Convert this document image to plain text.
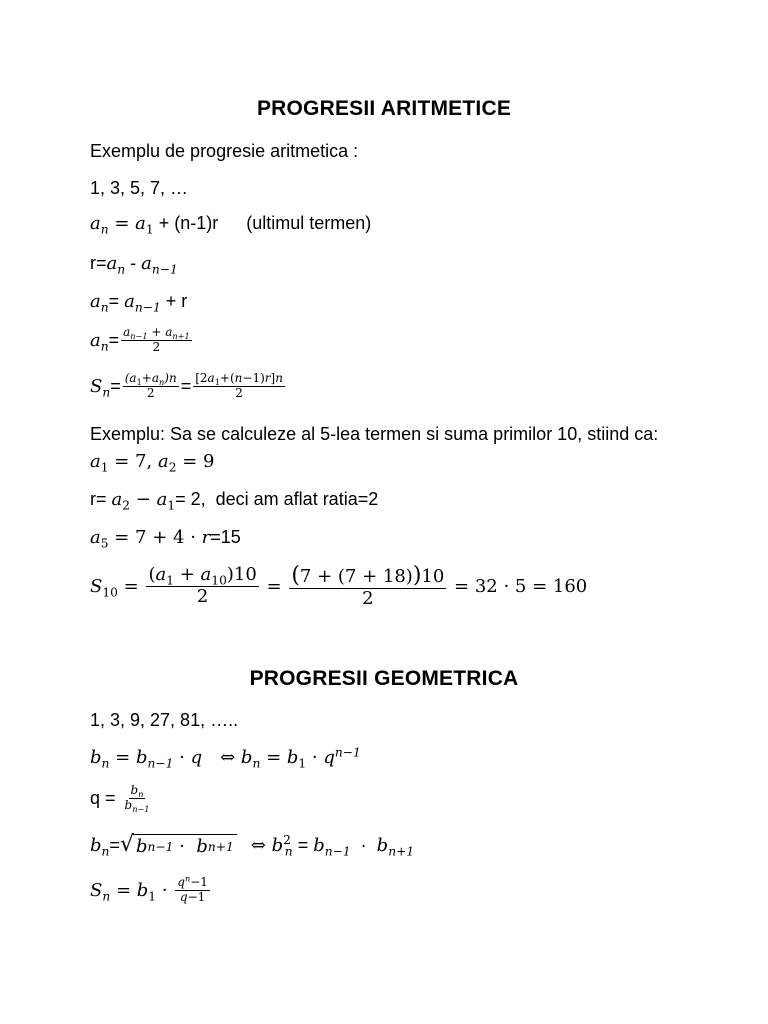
PROGRESII ARITMETICE
Exemplu de progresie aritmetica :
1, 3, 5, 7, …
$a_n = a_1 + (n-1)r$ (ultimul termen)
$r= a_n - a_{n-1}$
$a_n = a_{n-1} + r$
$a_n = \frac{a_{n-1} + a_{n+1}}{2}$
$S_n = \frac{(a_1+a_n)n}{2} = \frac{[2a_1+(n-1)r]n}{2}$
Exemplu: Sa se calculeze al 5-lea termen si suma primilor 10, stiind ca:
$a_1 = 7$, $a_2 = 9$
$r= a_2 - a_1 = 2$, deci am aflat ratia=2
$a_5 = 7 + 4 \cdot r = 15$
$S_{10} = \frac{(a_1 + a_{10})10}{2} = \frac{(7 + (7 + 18))10}{2} = 32 \cdot 5 = 160$
PROGRESII GEOMETRICA
1, 3, 9, 27, 81, …..
$b_n = b_{n-1} \cdot q$ ⇔ $b_n = b_1 \cdot q^{n-1}$
$q = \frac{b_n}{b_{n-1}}$
$b_n$ = √ b n−1 · b n+1 ⇔ $b^2_n = b_{n-1} \cdot b_{n+1}$
$S_n = b_1 \cdot \frac{q^n-1}{q-1}$
